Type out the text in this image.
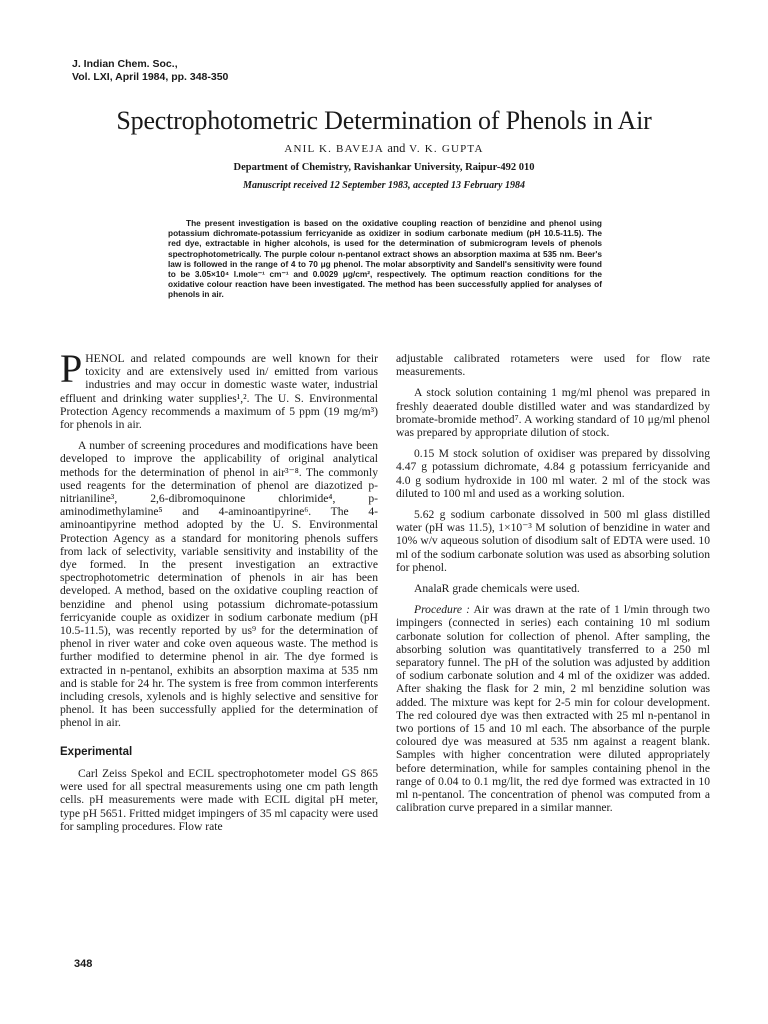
J. Indian Chem. Soc.,
Vol. LXI, April 1984, pp. 348-350
Spectrophotometric Determination of Phenols in Air
ANIL K. BAVEJA and V. K. GUPTA
Department of Chemistry, Ravishankar University, Raipur-492 010
Manuscript received 12 September 1983, accepted 13 February 1984

The present investigation is based on the oxidative coupling reaction of benzidine and phenol using potassium dichromate-potassium ferricyanide as oxidizer in sodium carbonate medium (pH 10.5-11.5). The red dye, extractable in higher alcohols, is used for the determination of submicrogram levels of phenols spectrophotometrically. The purple colour n-pentanol extract shows an absorption maxima at 535 nm. Beer's law is followed in the range of 4 to 70 μg phenol. The molar absorptivity and Sandell's sensitivity were found to be 3.05×10⁴ l.mole⁻¹ cm⁻¹ and 0.0029 μg/cm², respectively. The optimum reaction conditions for the oxidative colour reaction have been investigated. The method has been successfully applied for analyses of phenols in air.

PHENOL and related compounds are well known for their toxicity and are extensively used in/ emitted from various industries and may occur in domestic waste water, industrial effluent and drinking water supplies¹,². The U. S. Environmental Protection Agency recommends a maximum of 5 ppm (19 mg/m³) for phenols in air.

A number of screening procedures and modifications have been developed to improve the applicability of original analytical methods for the determination of phenol in air³⁻⁸. The commonly used reagents for the determination of phenol are diazotized p-nitrianiline³, 2,6-dibromoquinone chlorimide⁴, p-aminodimethylamine⁵ and 4-aminoantipyrine⁶. The 4-aminoantipyrine method adopted by the U. S. Environmental Protection Agency as a standard for monitoring phenols suffers from lack of selectivity, variable sensitivity and instability of the dye formed. In the present investigation an extractive spectrophotometric determination of phenols in air has been developed. A method, based on the oxidative coupling reaction of benzidine and phenol using potassium dichromate-potassium ferricyanide couple as oxidizer in sodium carbonate medium (pH 10.5-11.5), was recently reported by us⁹ for the determination of phenol in river water and coke oven aqueous waste. The method is further modified to determine phenol in air. The dye formed is extracted in n-pentanol, exhibits an absorption maxima at 535 nm and is stable for 24 hr. The system is free from common interferents including cresols, xylenols and is highly selective and sensitive for phenol. It has been successfully applied for the determination of phenol in air.

Experimental

Carl Zeiss Spekol and ECIL spectrophotometer model GS 865 were used for all spectral measurements using one cm path length cells. pH measurements were made with ECIL digital pH meter, type pH 5651. Fritted midget impingers of 35 ml capacity were used for sampling procedures. Flow rate

adjustable calibrated rotameters were used for flow rate measurements.

A stock solution containing 1 mg/ml phenol was prepared in freshly deaerated double distilled water and was standardized by bromate-bromide method⁷. A working standard of 10 μg/ml phenol was prepared by appropriate dilution of stock.

0.15 M stock solution of oxidiser was prepared by dissolving 4.47 g potassium dichromate, 4.84 g potassium ferricyanide and 4.0 g sodium hydroxide in 100 ml water. 2 ml of the stock was diluted to 100 ml and used as a working solution.

5.62 g sodium carbonate dissolved in 500 ml glass distilled water (pH was 11.5), 1×10⁻³ M solution of benzidine in water and 10% w/v aqueous solution of disodium salt of EDTA were used. 10 ml of the sodium carbonate solution was used as absorbing solution for phenol.

AnalaR grade chemicals were used.

Procedure : Air was drawn at the rate of 1 l/min through two impingers (connected in series) each containing 10 ml sodium carbonate solution for collection of phenol. After sampling, the absorbing solution was quantitatively transferred to a 250 ml separatory funnel. The pH of the solution was adjusted by addition of sodium carbonate solution and 4 ml of the oxidizer was added. After shaking the flask for 2 min, 2 ml benzidine solution was added. The mixture was kept for 2-5 min for colour development. The red coloured dye was then extracted with 25 ml n-pentanol in two portions of 15 and 10 ml each. The absorbance of the purple coloured dye was measured at 535 nm against a reagent blank. Samples with higher concentration were diluted appropriately before determination, while for samples containing phenol in the range of 0.04 to 0.1 mg/lit, the red dye formed was extracted in 10 ml n-pentanol. The concentration of phenol was computed from a calibration curve prepared in a similar manner.

348
